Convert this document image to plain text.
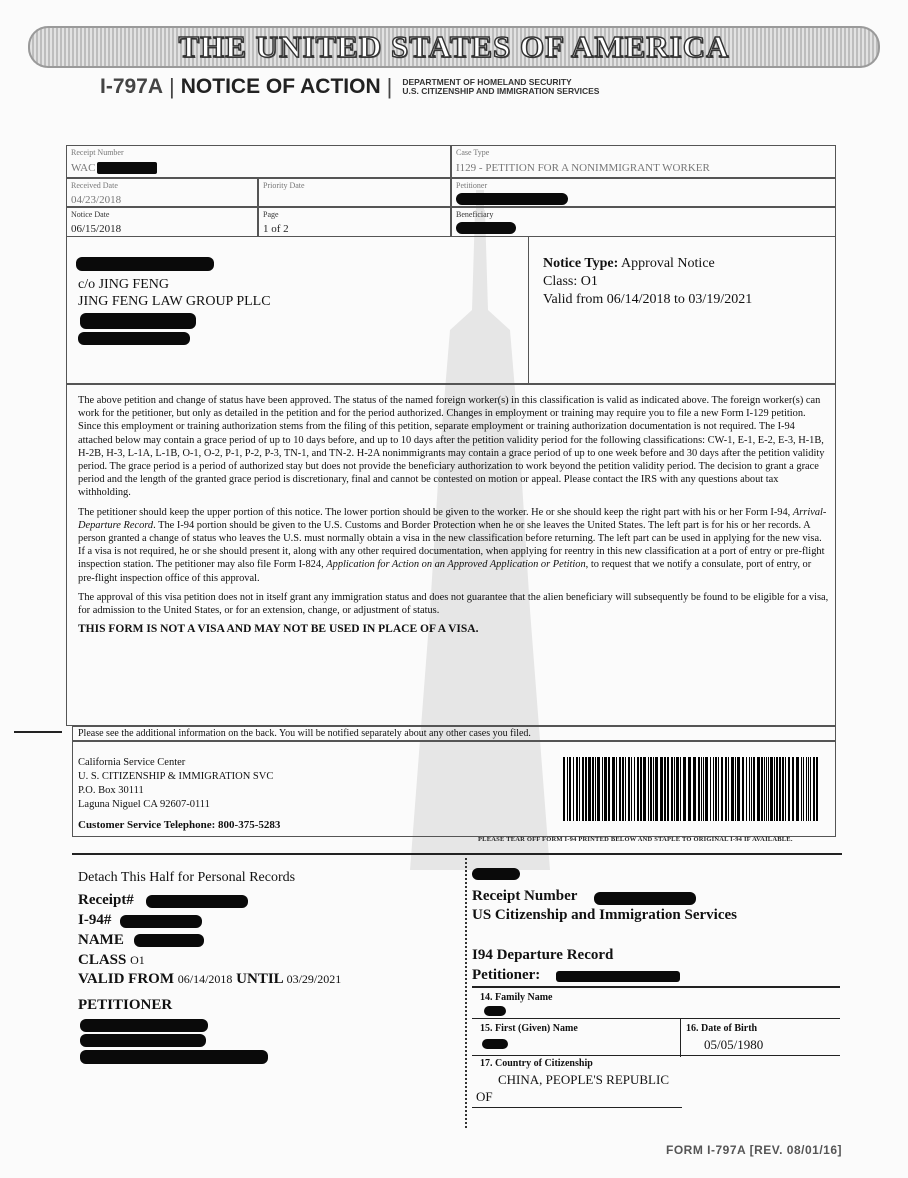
THE UNITED STATES OF AMERICA
I-797A | NOTICE OF ACTION | DEPARTMENT OF HOMELAND SECURITY
U.S. CITIZENSHIP AND IMMIGRATION SERVICES
Receipt Number
WAC
Case Type
I129 - PETITION FOR A NONIMMIGRANT WORKER
Received Date
04/23/2018
Priority Date	Petitioner
Notice Date
06/15/2018
Page
1 of 2
Beneficiary
c/o JING FENG
JING FENG LAW GROUP PLLC
Notice Type: Approval Notice
Class: O1
Valid from 06/14/2018 to 03/19/2021

The above petition and change of status have been approved. The status of the named foreign worker(s) in this classification is valid as indicated above. The foreign worker(s) can work for the petitioner, but only as detailed in the petition and for the period authorized. Changes in employment or training may require you to file a new Form I-129 petition. Since this employment or training authorization stems from the filing of this petition, separate employment or training authorization documentation is not required. The I-94 attached below may contain a grace period of up to 10 days before, and up to 10 days after the petition validity period for the following classifications: CW-1, E-1, E-2, E-3, H-1B, H-2B, H-3, L-1A, L-1B, O-1, O-2, P-1, P-2, P-3, TN-1, and TN-2. H-2A nonimmigrants may contain a grace period of up to one week before and 30 days after the petition validity period. The grace period is a period of authorized stay but does not provide the beneficiary authorization to work beyond the petition validity period. The decision to grant a grace period and the length of the granted grace period is discretionary, final and cannot be contested on motion or appeal. Please contact the IRS with any questions about tax withholding.

The petitioner should keep the upper portion of this notice. The lower portion should be given to the worker. He or she should keep the right part with his or her Form I-94, Arrival-Departure Record. The I-94 portion should be given to the U.S. Customs and Border Protection when he or she leaves the United States. The left part is for his or her records. A person granted a change of status who leaves the U.S. must normally obtain a visa in the new classification before returning. The left part can be used in applying for the new visa. If a visa is not required, he or she should present it, along with any other required documentation, when applying for reentry in this new classification at a port of entry or pre-flight inspection station. The petitioner may also file Form I-824, Application for Action on an Approved Application or Petition, to request that we notify a consulate, port of entry, or pre-flight inspection office of this approval.

The approval of this visa petition does not in itself grant any immigration status and does not guarantee that the alien beneficiary will subsequently be found to be eligible for a visa, for admission to the United States, or for an extension, change, or adjustment of status.

THIS FORM IS NOT A VISA AND MAY NOT BE USED IN PLACE OF A VISA.
Please see the additional information on the back. You will be notified separately about any other cases you filed.
California Service Center
U. S. CITIZENSHIP & IMMIGRATION SVC
P.O. Box 30111
Laguna Niguel CA 92607-0111
Customer Service Telephone: 800-375-5283
PLEASE TEAR OFF FORM I-94 PRINTED BELOW AND STAPLE TO ORIGINAL I-94 IF AVAILABLE.
Detach This Half for Personal Records
Receipt#
I-94#
NAME
CLASS O1
VALID FROM 06/14/2018 UNTIL 03/29/2021
PETITIONER
Receipt Number
US Citizenship and Immigration Services
I94 Departure Record
Petitioner:
14. Family Name
15. First (Given) Name	16. Date of Birth
05/05/1980
17. Country of Citizenship
CHINA, PEOPLE'S REPUBLIC
OF
FORM I-797A [REV. 08/01/16]
